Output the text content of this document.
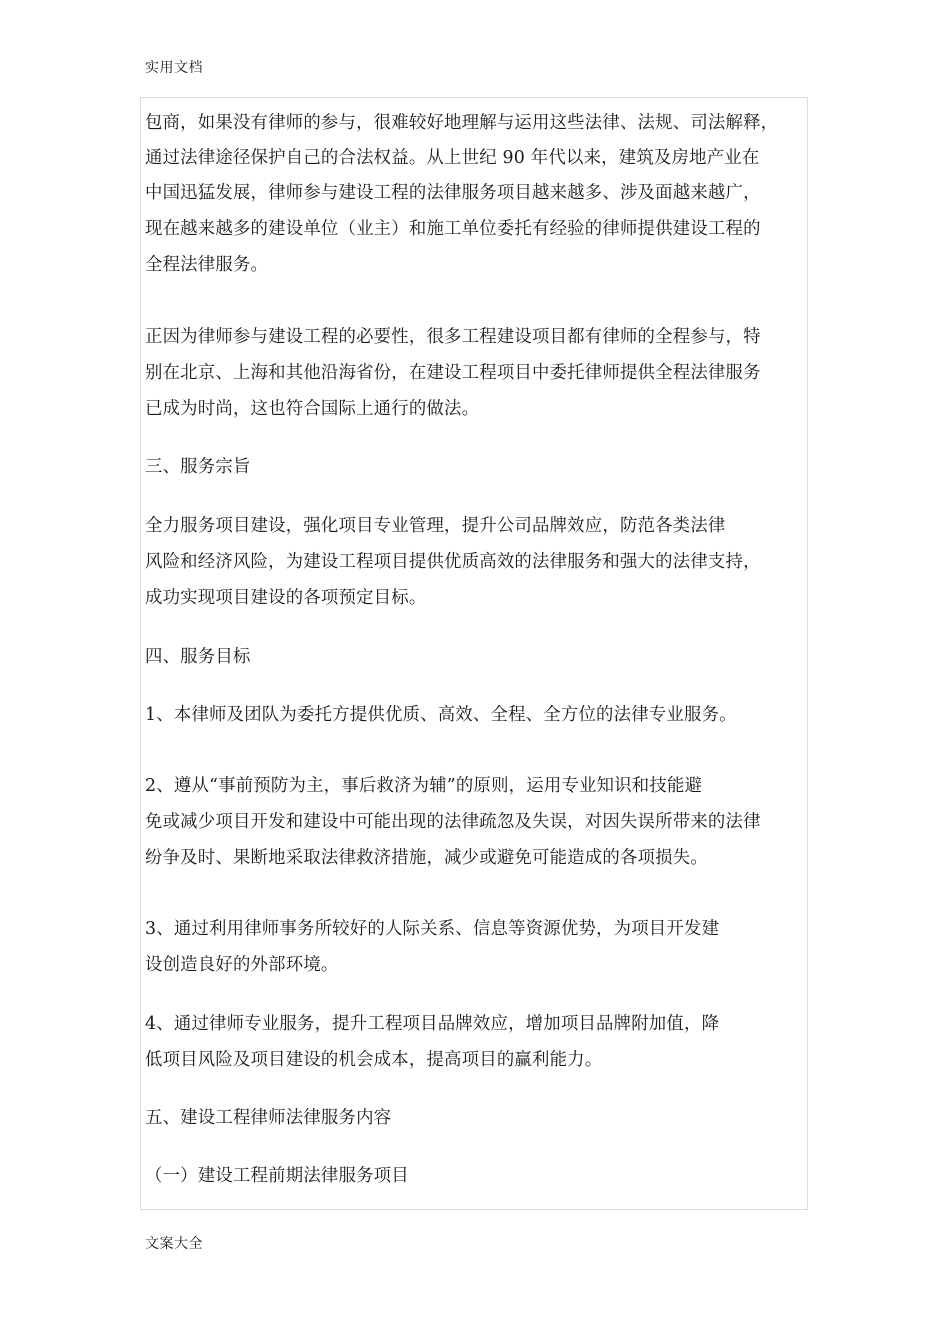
实用文档
包商，如果没有律师的参与，很难较好地理解与运用这些法律、法规、司法解释，
通过法律途径保护自己的合法权益。从上世纪 90 年代以来，建筑及房地产业在
中国迅猛发展，律师参与建设工程的法律服务项目越来越多、涉及面越来越广，
现在越来越多的建设单位（业主）和施工单位委托有经验的律师提供建设工程的
全程法律服务。
正因为律师参与建设工程的必要性，很多工程建设项目都有律师的全程参与，特
别在北京、上海和其他沿海省份，在建设工程项目中委托律师提供全程法律服务
已成为时尚，这也符合国际上通行的做法。
三、服务宗旨
全力服务项目建设，强化项目专业管理，提升公司品牌效应，防范各类法律
风险和经济风险，为建设工程项目提供优质高效的法律服务和强大的法律支持，
成功实现项目建设的各项预定目标。
四、服务目标
1、本律师及团队为委托方提供优质、高效、全程、全方位的法律专业服务。
2、遵从“事前预防为主，事后救济为辅”的原则，运用专业知识和技能避
免或减少项目开发和建设中可能出现的法律疏忽及失误，对因失误所带来的法律
纷争及时、果断地采取法律救济措施，减少或避免可能造成的各项损失。
3、通过利用律师事务所较好的人际关系、信息等资源优势，为项目开发建
设创造良好的外部环境。
4、通过律师专业服务，提升工程项目品牌效应，增加项目品牌附加值，降
低项目风险及项目建设的机会成本，提高项目的赢利能力。
五、建设工程律师法律服务内容
（一）建设工程前期法律服务项目
文案大全
